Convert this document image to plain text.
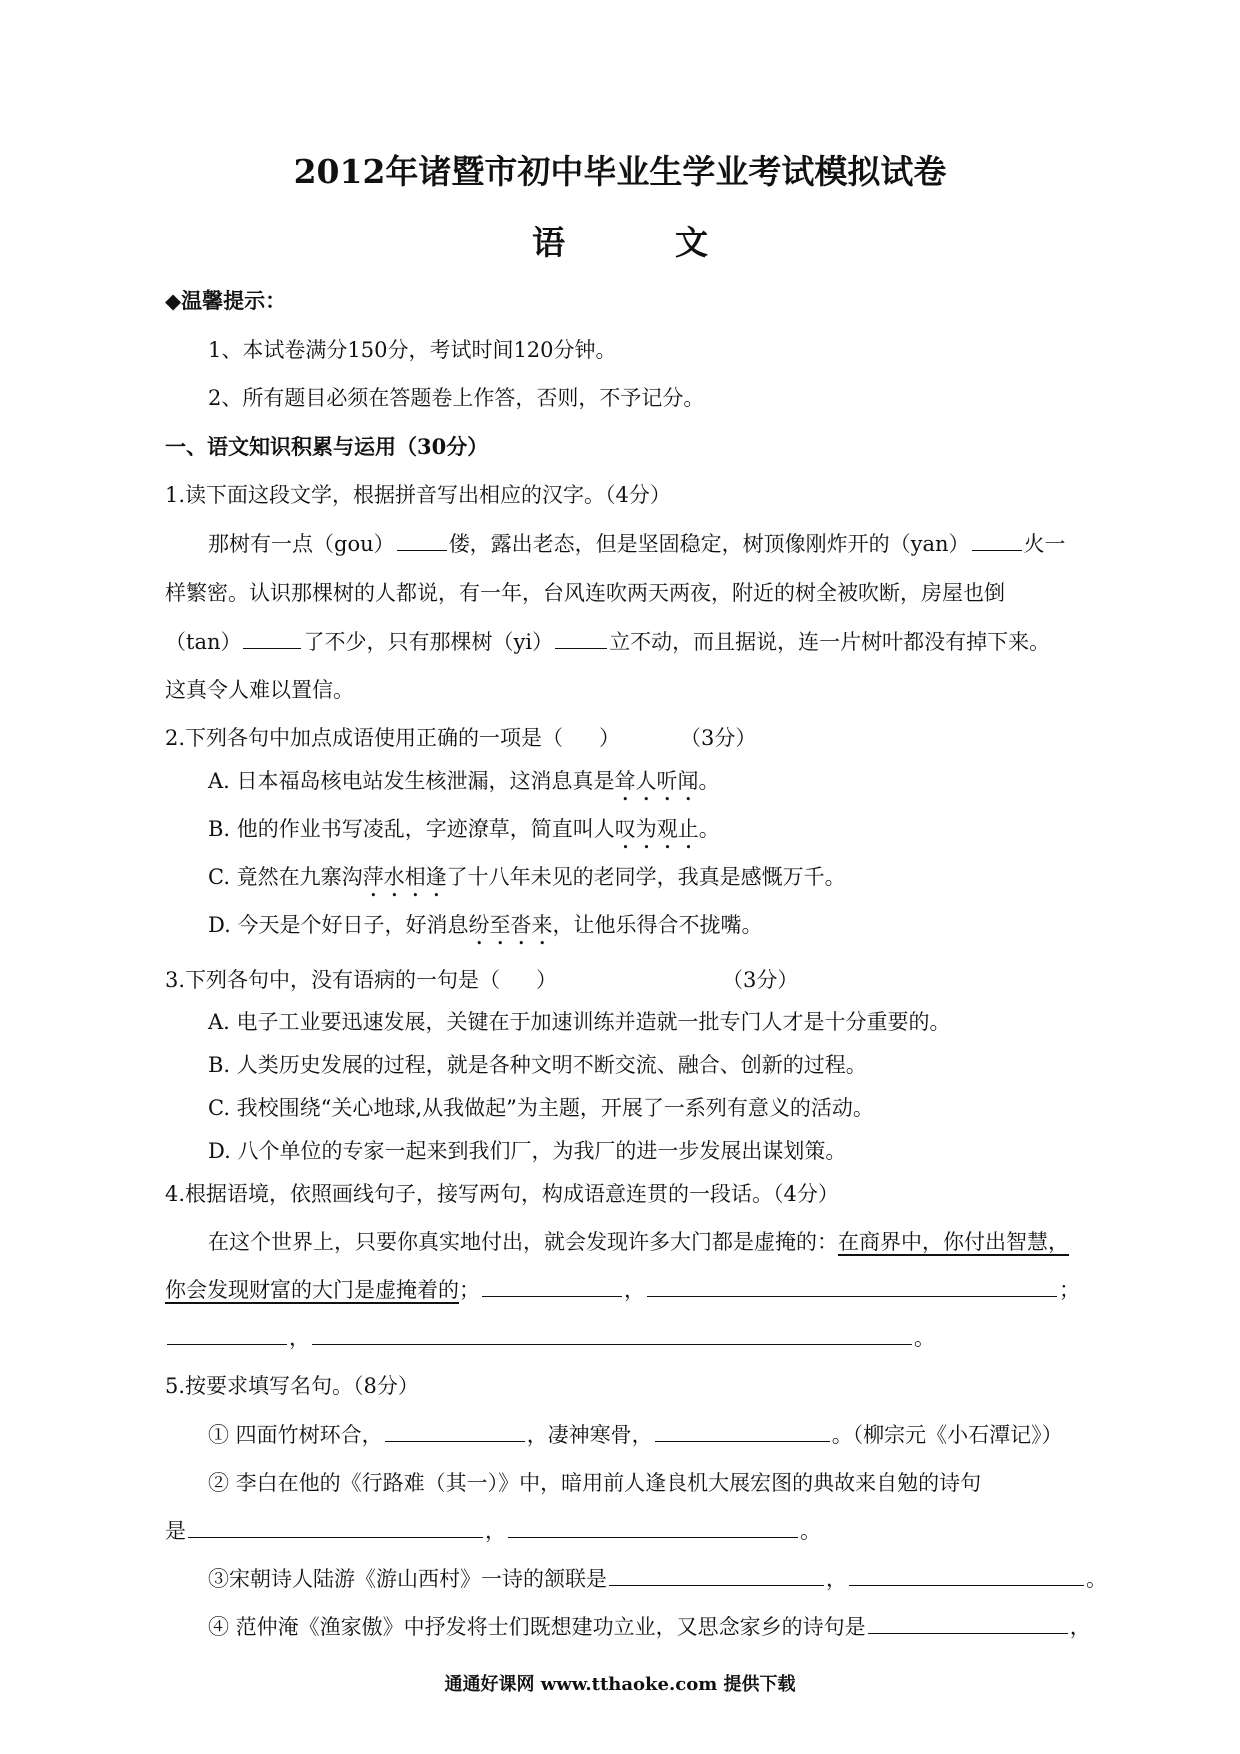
2012年诸暨市初中毕业生学业考试模拟试卷
语	文
◆温馨提示：
1、本试卷满分150分，考试时间120分钟。
2、所有题目必须在答题卷上作答，否则，不予记分。
一、语文知识积累与运用（30分）
1.读下面这段文学，根据拼音写出相应的汉字。（4分）
那树有一点（gou）	偻，露出老态，但是坚固稳定，树顶像刚炸开的（yan）	火一
样繁密。认识那棵树的人都说，有一年，台风连吹两天两夜，附近的树全被吹断，房屋也倒
（tan）	了不少，只有那棵树（yi）	立不动，而且据说，连一片树叶都没有掉下来。
这真令人难以置信。
2.下列各句中加点成语使用正确的一项是（ ）	（3分）
A. 日本福岛核电站发生核泄漏，这消息真是耸人听闻。
B. 他的作业书写凌乱，字迹潦草，简直叫人叹为观止。
C. 竟然在九寨沟萍水相逢了十八年未见的老同学，我真是感慨万千。
D. 今天是个好日子，好消息纷至沓来，让他乐得合不拢嘴。
3.下列各句中，没有语病的一句是（ ）	（3分）
A. 电子工业要迅速发展，关键在于加速训练并造就一批专门人才是十分重要的。
B. 人类历史发展的过程，就是各种文明不断交流、融合、创新的过程。
C. 我校围绕“关心地球,从我做起”为主题，开展了一系列有意义的活动。
D. 八个单位的专家一起来到我们厂，为我厂的进一步发展出谋划策。
4.根据语境，依照画线句子，接写两句，构成语意连贯的一段话。（4分）
在这个世界上，只要你真实地付出，就会发现许多大门都是虚掩的：在商界中，你付出智慧，
你会发现财富的大门是虚掩着的；	，	；
，	。
5.按要求填写名句。（8分）
① 四面竹树环合，	，凄神寒骨，	。（柳宗元《小石潭记》）
② 李白在他的《行路难（其一）》中，暗用前人逢良机大展宏图的典故来自勉的诗句
是	，	。
③宋朝诗人陆游《游山西村》一诗的颔联是	，	。
④ 范仲淹《渔家傲》中抒发将士们既想建功立业，又思念家乡的诗句是	，
通通好课网 www.tthaoke.com 提供下载
